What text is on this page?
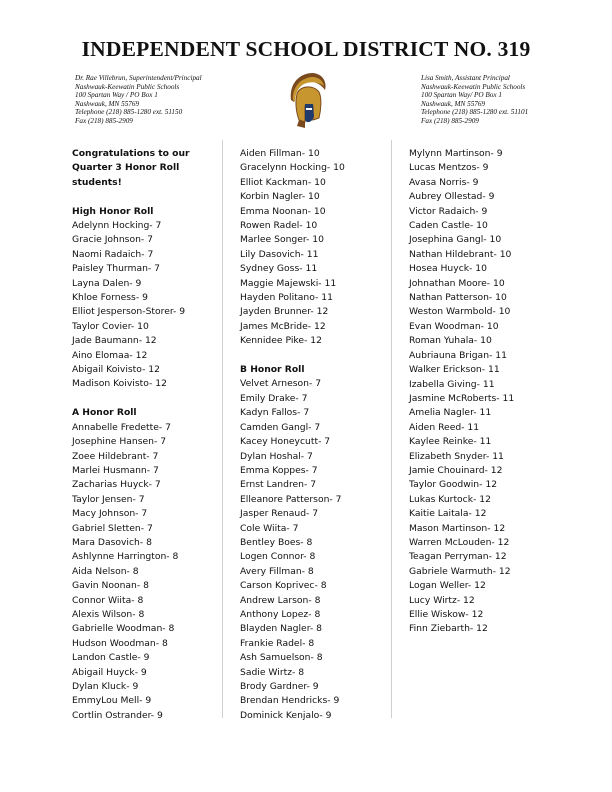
INDEPENDENT SCHOOL DISTRICT NO. 319
Dr. Rae Villebrun, Superintendent/Principal
Nashwauk-Keewatin Public Schools
100 Spartan Way / PO Box 1
Nashwauk, MN 55769
Telephone (218) 885-1280 ext. 51150
Fax (218) 885-2909
Lisa Smith, Assistant Principal
Nashwauk-Keewatin Public Schools
100 Spartan Way/ PO Box 1
Nashwauk, MN 55769
Telephone (218) 885-1280 ext. 51101
Fax (218) 885-2909
Congratulations to our
Quarter 3 Honor Roll
students!
High Honor Roll
Adelynn Hocking- 7
Gracie Johnson- 7
Naomi Radaich- 7
Paisley Thurman- 7
Layna Dalen- 9
Khloe Forness- 9
Elliot Jesperson-Storer- 9
Taylor Covier- 10
Jade Baumann- 12
Aino Elomaa- 12
Abigail Koivisto- 12
Madison Koivisto- 12
A Honor Roll
Annabelle Fredette- 7
Josephine Hansen- 7
Zoee Hildebrant- 7
Marlei Husmann- 7
Zacharias Huyck- 7
Taylor Jensen- 7
Macy Johnson- 7
Gabriel Sletten- 7
Mara Dasovich- 8
Ashlynne Harrington- 8
Aida Nelson- 8
Gavin Noonan- 8
Connor Wiita- 8
Alexis Wilson- 8
Gabrielle Woodman- 8
Hudson Woodman- 8
Landon Castle- 9
Abigail Huyck- 9
Dylan Kluck- 9
EmmyLou Mell- 9
Cortlin Ostrander- 9
Aiden Fillman- 10
Gracelynn Hocking- 10
Elliot Kackman- 10
Korbin Nagler- 10
Emma Noonan- 10
Rowen Radel- 10
Marlee Songer- 10
Lily Dasovich- 11
Sydney Goss- 11
Maggie Majewski- 11
Hayden Politano- 11
Jayden Brunner- 12
James McBride- 12
Kennidee Pike- 12
B Honor Roll
Velvet Arneson- 7
Emily Drake- 7
Kadyn Fallos- 7
Camden Gangl- 7
Kacey Honeycutt- 7
Dylan Hoshal- 7
Emma Koppes- 7
Ernst Landren- 7
Elleanore Patterson- 7
Jasper Renaud- 7
Cole Wiita- 7
Bentley Boes- 8
Logen Connor- 8
Avery Fillman- 8
Carson Koprivec- 8
Andrew Larson- 8
Anthony Lopez- 8
Blayden Nagler- 8
Frankie Radel- 8
Ash Samuelson- 8
Sadie Wirtz- 8
Brody Gardner- 9
Brendan Hendricks- 9
Dominick Kenjalo- 9
Mylynn Martinson- 9
Lucas Mentzos- 9
Avasa Norris- 9
Aubrey Ollestad- 9
Victor Radaich- 9
Caden Castle- 10
Josephina Gangl- 10
Nathan Hildebrant- 10
Hosea Huyck- 10
Johnathan Moore- 10
Nathan Patterson- 10
Weston Warmbold- 10
Evan Woodman- 10
Roman Yuhala- 10
Aubriauna Brigan- 11
Walker Erickson- 11
Izabella Giving- 11
Jasmine McRoberts- 11
Amelia Nagler- 11
Aiden Reed- 11
Kaylee Reinke- 11
Elizabeth Snyder- 11
Jamie Chouinard- 12
Taylor Goodwin- 12
Lukas Kurtock- 12
Kaitie Laitala- 12
Mason Martinson- 12
Warren McLouden- 12
Teagan Perryman- 12
Gabriele Warmuth- 12
Logan Weller- 12
Lucy Wirtz- 12
Ellie Wiskow- 12
Finn Ziebarth- 12
